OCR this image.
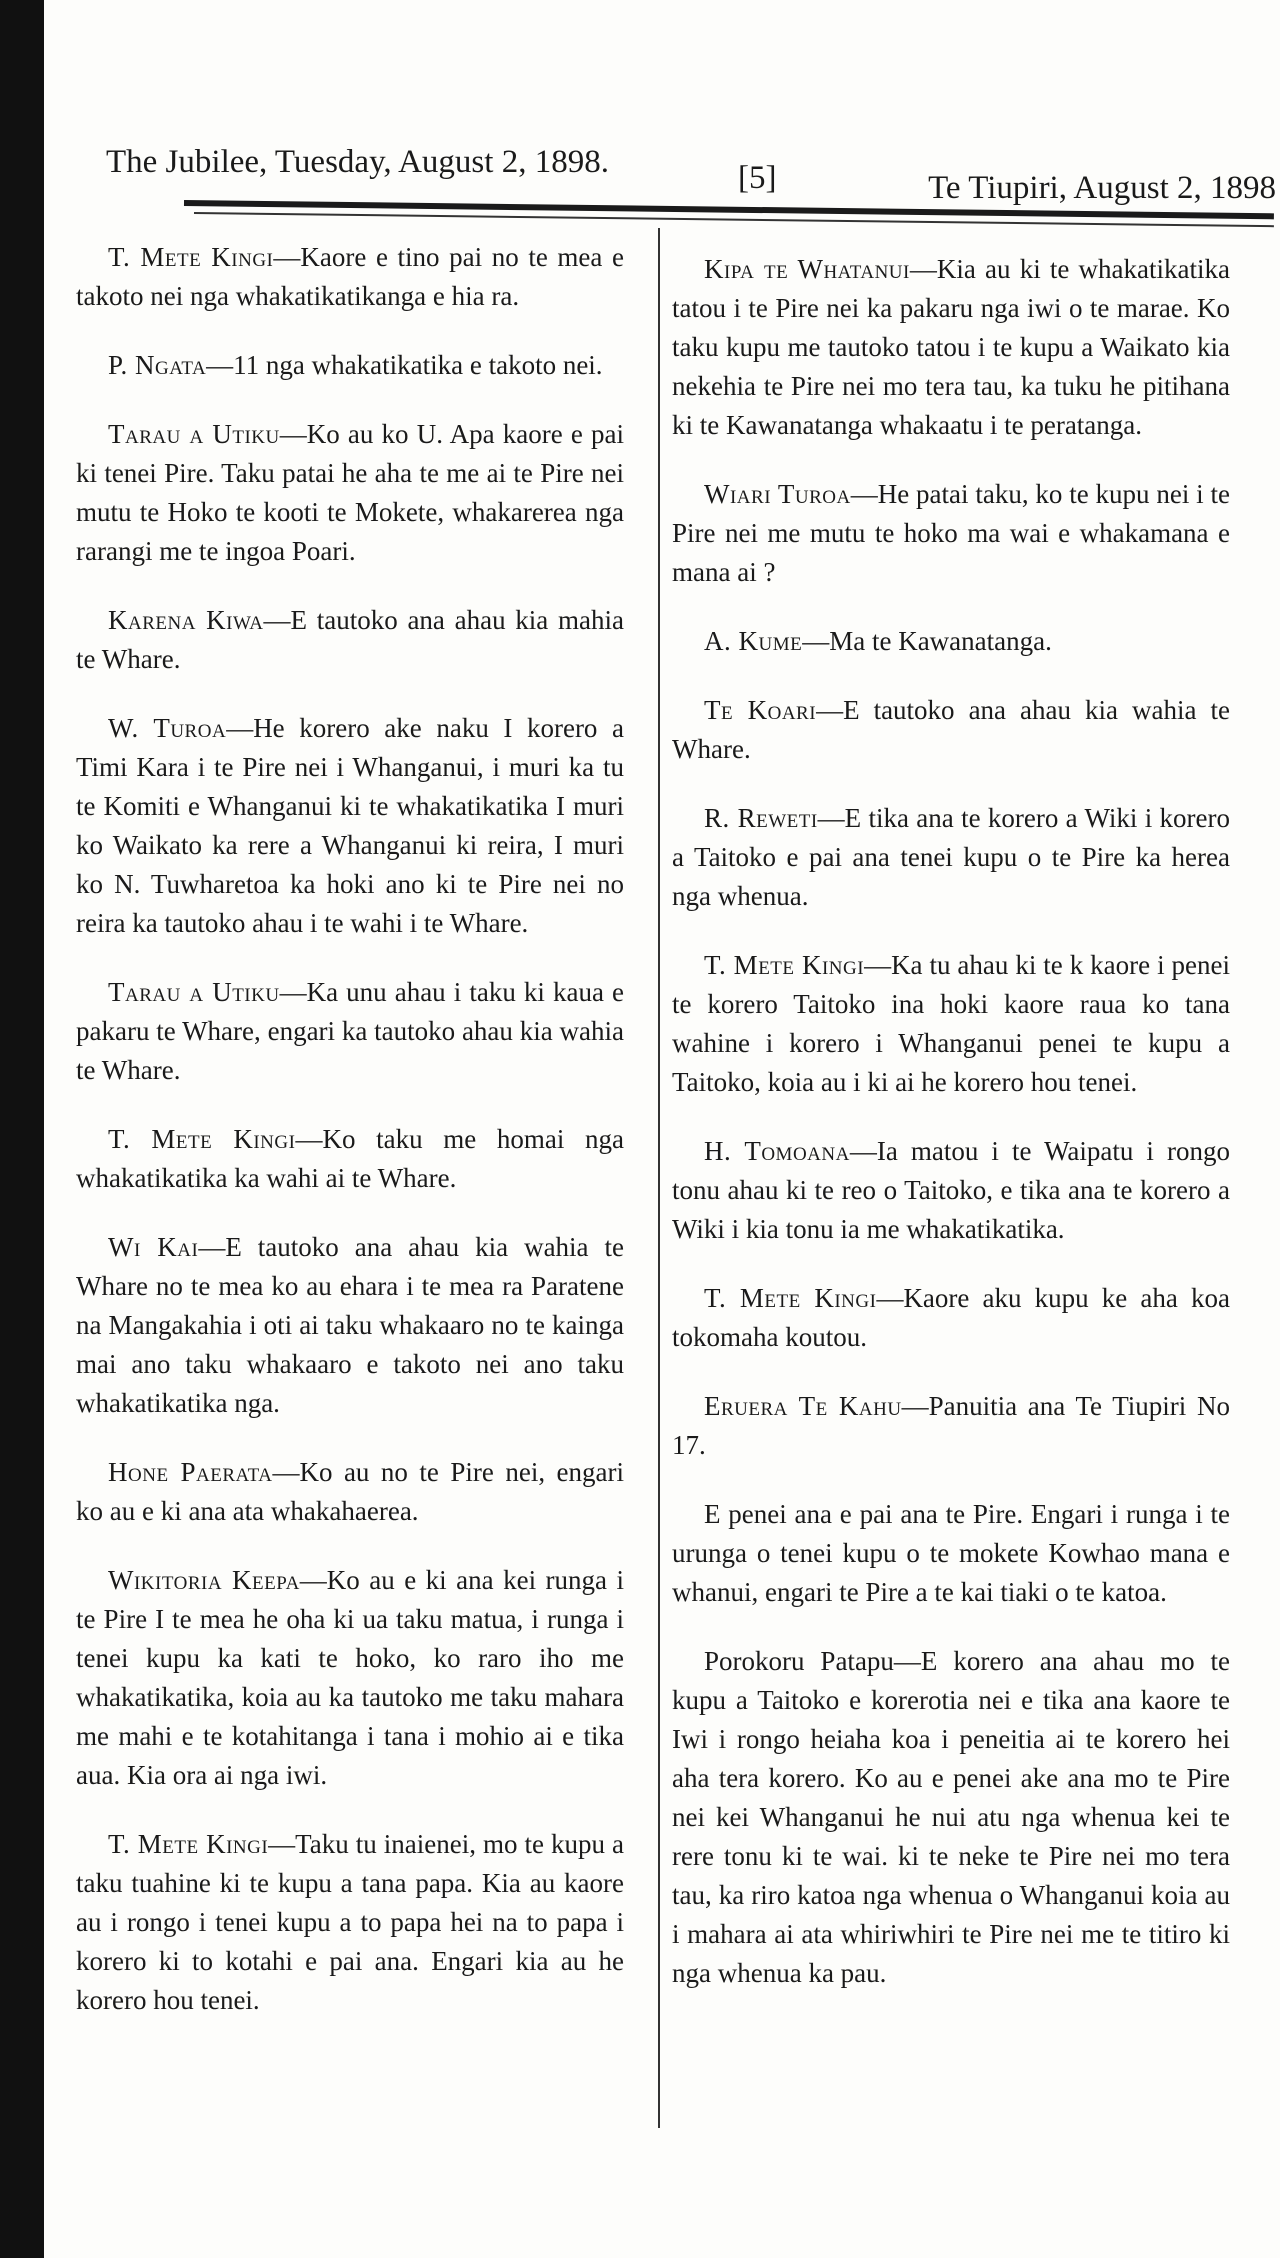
The Jubilee, Tuesday, August 2, 1898.	[5]	Te Tiupiri, August 2, 1898

T. Mete Kingi—Kaore e tino pai no te mea e takoto nei nga whakatikatikanga e hia ra.

P. Ngata—11 nga whakatikatika e takoto nei.

Tarau a Utiku—Ko au ko U. Apa kaore e pai ki tenei Pire. Taku patai he aha te me ai te Pire nei mutu te Hoko te kooti te Mokete, whakarerea nga rarangi me te ingoa Poari.

Karena Kiwa—E tautoko ana ahau kia mahia te Whare.

W. Turoa—He korero ake naku I korero a Timi Kara i te Pire nei i Whanganui, i muri ka tu te Komiti e Whanganui ki te whakatikatika I muri ko Waikato ka rere a Whanganui ki reira, I muri ko N. Tuwharetoa ka hoki ano ki te Pire nei no reira ka tautoko ahau i te wahi i te Whare.

Tarau a Utiku—Ka unu ahau i taku ki kaua e pakaru te Whare, engari ka tautoko ahau kia wahia te Whare.

T. Mete Kingi—Ko taku me homai nga whakatikatika ka wahi ai te Whare.

Wi Kai—E tautoko ana ahau kia wahia te Whare no te mea ko au ehara i te mea ra Paratene na Mangakahia i oti ai taku whakaaro no te kainga mai ano taku whakaaro e takoto nei ano taku whakatikatika nga.

Hone Paerata—Ko au no te Pire nei, engari ko au e ki ana ata whakahaerea.

Wikitoria Keepa—Ko au e ki ana kei runga i te Pire I te mea he oha ki ua taku matua, i runga i tenei kupu ka kati te hoko, ko raro iho me whakatikatika, koia au ka tautoko me taku mahara me mahi e te kotahitanga i tana i mohio ai e tika aua. Kia ora ai nga iwi.

T. Mete Kingi—Taku tu inaienei, mo te kupu a taku tuahine ki te kupu a tana papa. Kia au kaore au i rongo i tenei kupu a to papa hei na to papa i korero ki to kotahi e pai ana. Engari kia au he korero hou tenei.

Kipa te Whatanui—Kia au ki te whakatikatika tatou i te Pire nei ka pakaru nga iwi o te marae. Ko taku kupu me tautoko tatou i te kupu a Waikato kia nekehia te Pire nei mo tera tau, ka tuku he pitihana ki te Kawanatanga whakaatu i te peratanga.

Wiari Turoa—He patai taku, ko te kupu nei i te Pire nei me mutu te hoko ma wai e whakamana e mana ai ?

A. Kume—Ma te Kawanatanga.

Te Koari—E tautoko ana ahau kia wahia te Whare.

R. Reweti—E tika ana te korero a Wiki i korero a Taitoko e pai ana tenei kupu o te Pire ka herea nga whenua.

T. Mete Kingi—Ka tu ahau ki te k kaore i penei te korero Taitoko ina hoki kaore raua ko tana wahine i korero i Whanganui penei te kupu a Taitoko, koia au i ki ai he korero hou tenei.

H. Tomoana—Ia matou i te Waipatu i rongo tonu ahau ki te reo o Taitoko, e tika ana te korero a Wiki i kia tonu ia me whakatikatika.

T. Mete Kingi—Kaore aku kupu ke aha koa tokomaha koutou.

Eruera Te Kahu—Panuitia ana Te Tiupiri No 17.

E penei ana e pai ana te Pire. Engari i runga i te urunga o tenei kupu o te mokete Kowhao mana e whanui, engari te Pire a te kai tiaki o te katoa.

Porokoru Patapu—E korero ana ahau mo te kupu a Taitoko e korerotia nei e tika ana kaore te Iwi i rongo heiaha koa i peneitia ai te korero hei aha tera korero. Ko au e penei ake ana mo te Pire nei kei Whanganui he nui atu nga whenua kei te rere tonu ki te wai. ki te neke te Pire nei mo tera tau, ka riro katoa nga whenua o Whanganui koia au i mahara ai ata whiriwhiri te Pire nei me te titiro ki nga whenua ka pau.
